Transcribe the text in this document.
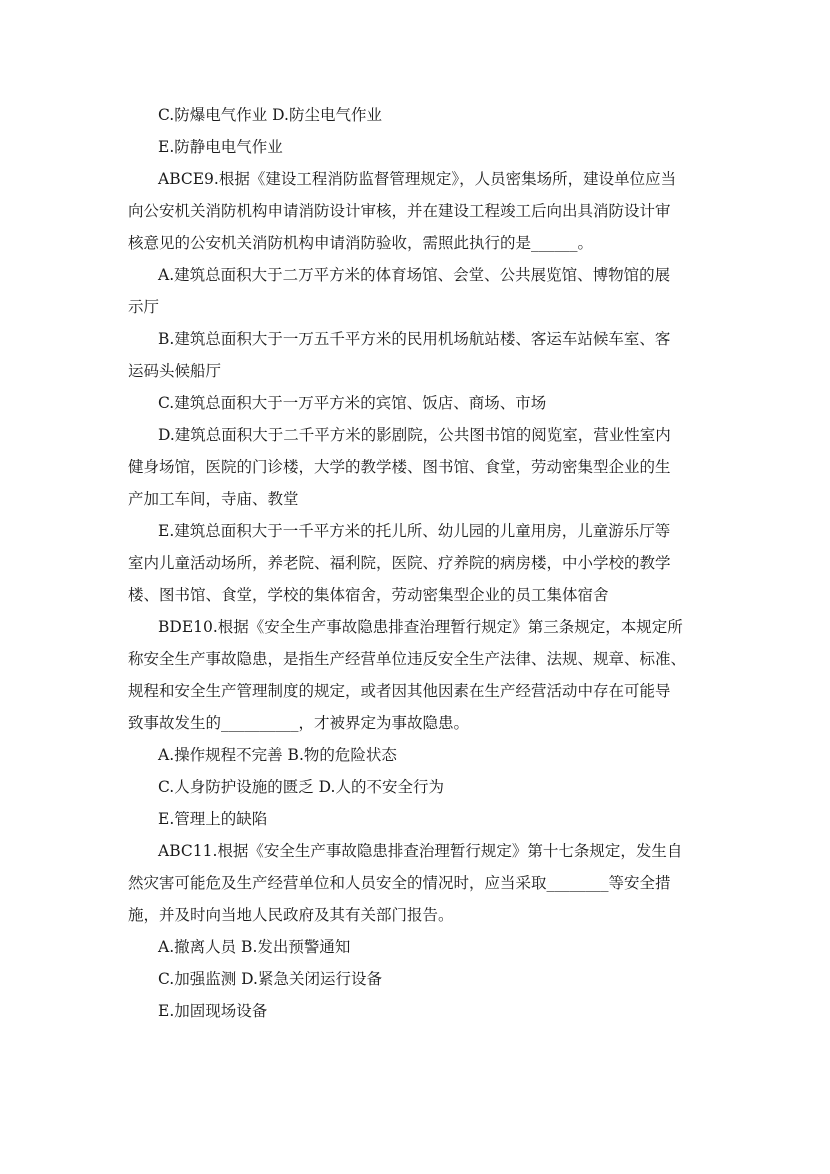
C.防爆电气作业 D.防尘电气作业
E.防静电电气作业
ABCE9.根据《建设工程消防监督管理规定》，人员密集场所，建设单位应当
向公安机关消防机构申请消防设计审核，并在建设工程竣工后向出具消防设计审
核意见的公安机关消防机构申请消防验收，需照此执行的是______。
A.建筑总面积大于二万平方米的体育场馆、会堂、公共展览馆、博物馆的展
示厅
B.建筑总面积大于一万五千平方米的民用机场航站楼、客运车站候车室、客
运码头候船厅
C.建筑总面积大于一万平方米的宾馆、饭店、商场、市场
D.建筑总面积大于二千平方米的影剧院，公共图书馆的阅览室，营业性室内
健身场馆，医院的门诊楼，大学的教学楼、图书馆、食堂，劳动密集型企业的生
产加工车间，寺庙、教堂
E.建筑总面积大于一千平方米的托儿所、幼儿园的儿童用房，儿童游乐厅等
室内儿童活动场所，养老院、福利院，医院、疗养院的病房楼，中小学校的教学
楼、图书馆、食堂，学校的集体宿舍，劳动密集型企业的员工集体宿舍
BDE10.根据《安全生产事故隐患排查治理暂行规定》第三条规定，本规定所
称安全生产事故隐患，是指生产经营单位违反安全生产法律、法规、规章、标准、
规程和安全生产管理制度的规定，或者因其他因素在生产经营活动中存在可能导
致事故发生的__________，才被界定为事故隐患。
A.操作规程不完善 B.物的危险状态
C.人身防护设施的匮乏 D.人的不安全行为
E.管理上的缺陷
ABC11.根据《安全生产事故隐患排查治理暂行规定》第十七条规定，发生自
然灾害可能危及生产经营单位和人员安全的情况时，应当采取________等安全措
施，并及时向当地人民政府及其有关部门报告。
A.撤离人员 B.发出预警通知
C.加强监测 D.紧急关闭运行设备
E.加固现场设备
